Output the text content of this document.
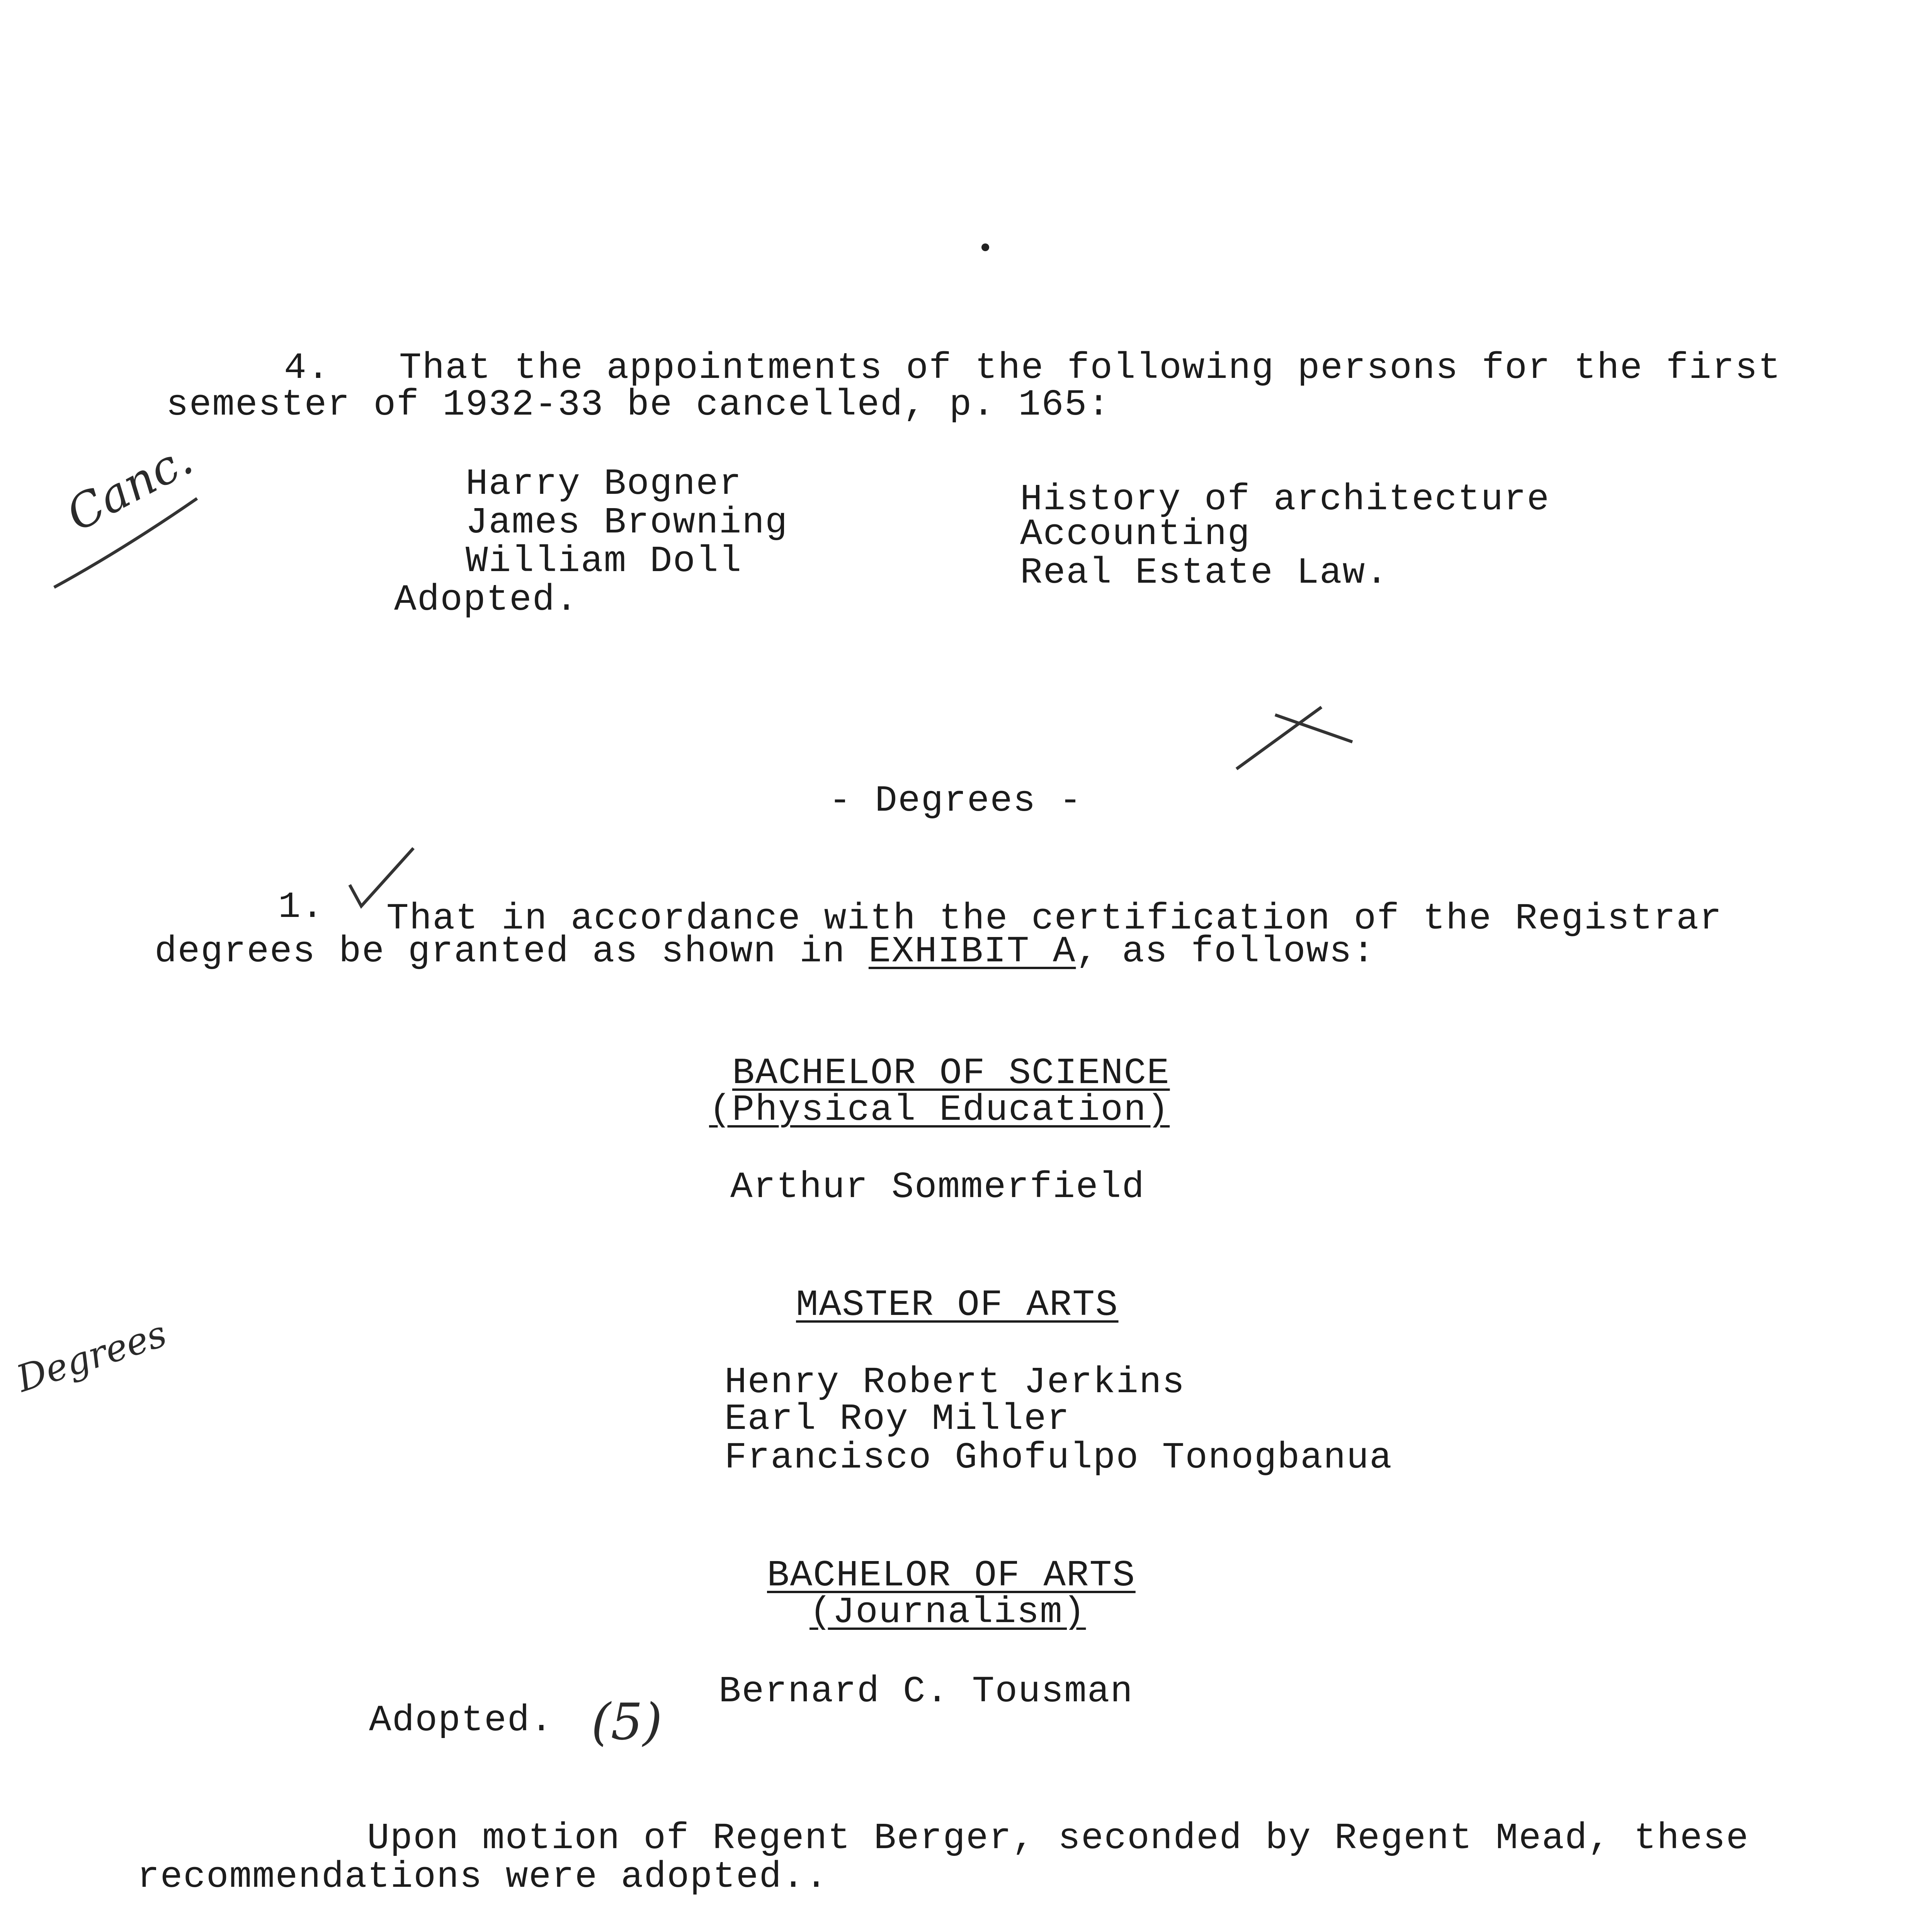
4.   That the appointments of the following persons for the first
semester of 1932-33 be cancelled, p. 165:
Harry Bogner
James Browning
William Doll
History of architecture
Accounting
Real Estate Law.
Adopted.
- Degrees -
1. That in accordance with the certification of the Registrar
degrees be granted as shown in EXHIBIT A, as follows:
BACHELOR OF SCIENCE
(Physical Education)
Arthur Sommerfield
MASTER OF ARTS
Henry Robert Jerkins
Earl Roy Miller
Francisco Ghofulpo Tonogbanua
BACHELOR OF ARTS
(Journalism)
Bernard C. Tousman
Adopted.
Upon motion of Regent Berger, seconded by Regent Mead, these
recommendations were adopted..
Canc.
Degrees
(5)
